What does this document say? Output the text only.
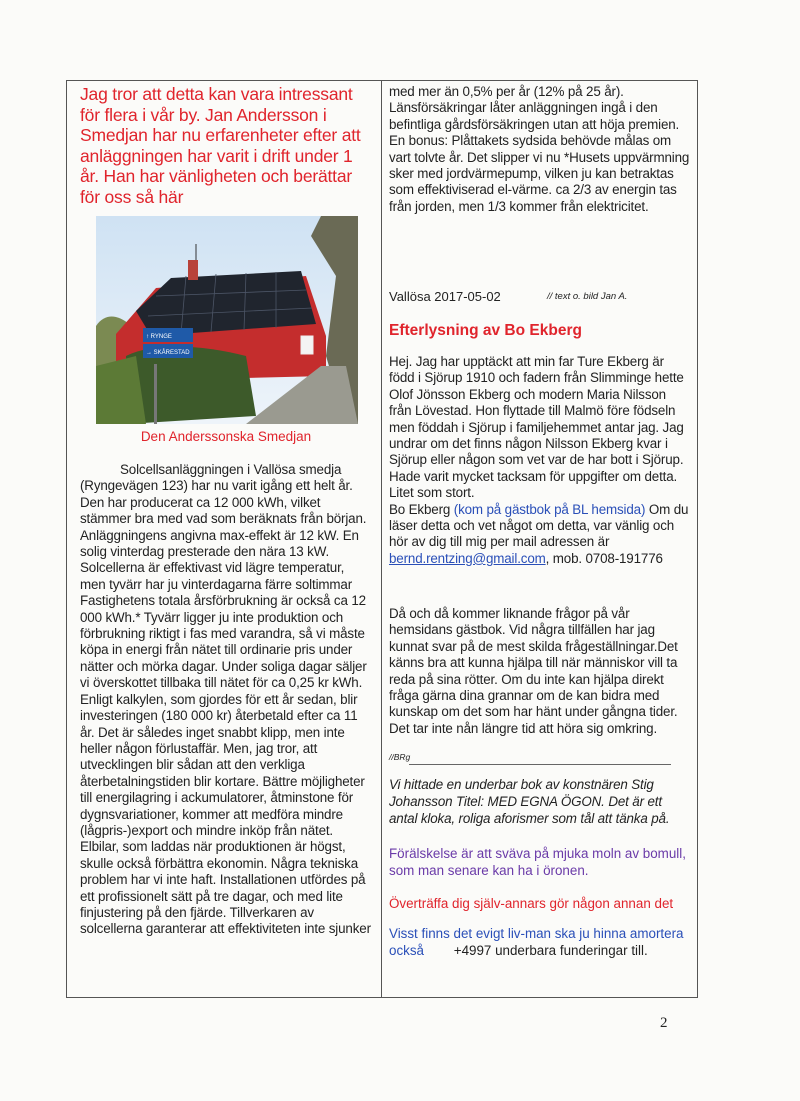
Jag tror att detta kan vara intressant för flera i vår by. Jan Andersson i Smedjan har nu erfarenheter efter att anläggningen har varit i drift under 1 år. Han har vänligheten och berättar för oss så här

↑ RYNGE
→ SKÅRESTAD
Den Anderssonska Smedjan

Solcellsanläggningen i Vallösa smedja (Ryngevägen 123) har nu varit igång ett helt år. Den har producerat ca 12 000 kWh, vilket stämmer bra med vad som beräknats från början. Anläggningens angivna max-effekt är 12 kW. En solig vinterdag presterade den nära 13 kW. Solcellerna är effektivast vid lägre temperatur, men tyvärr har ju vinterdagarna färre soltimmar Fastighetens totala årsförbrukning är också ca 12 000 kWh.* Tyvärr ligger ju inte produktion och förbrukning riktigt i fas med varandra, så vi måste köpa in energi från nätet till ordinarie pris under nätter och mörka dagar. Under soliga dagar säljer vi överskottet tillbaka till nätet för ca 0,25 kr kWh. Enligt kalkylen, som gjordes för ett år sedan, blir investeringen (180 000 kr) återbetald efter ca 11 år. Det är således inget snabbt klipp, men inte heller någon förlustaffär. Men, jag tror, att utvecklingen blir sådan att den verkliga återbetalningstiden blir kortare. Bättre möjligheter till energilagring i ackumulatorer, åtminstone för dygnsvariationer, kommer att medföra mindre (lågpris-)export och mindre inköp från nätet. Elbilar, som laddas när produktionen är högst, skulle också förbättra ekonomin. Några tekniska problem har vi inte haft. Installationen utfördes på ett profissionelt sätt på tre dagar, och med lite finjustering på den fjärde. Tillverkaren av solcellerna garanterar att effektiviteten inte sjunker

med mer än 0,5% per år (12% på 25 år). Länsförsäkringar låter anläggningen ingå i den befintliga gårdsförsäkringen utan att höja premien. En bonus: Plåttakets sydsida behövde målas om vart tolvte år. Det slipper vi nu *Husets uppvärmning sker med jordvärmepump, vilken ju kan betraktas som effektiviserad el-värme. ca 2/3 av energin tas från jorden, men 1/3 kommer från elektricitet.

Vallösa 2017-05-02	// text o. bild Jan A.
Efterlysning av Bo Ekberg

Hej. Jag har upptäckt att min far Ture Ekberg är född i Sjörup 1910 och fadern från Slimminge hette Olof Jönsson Ekberg och modern Maria Nilsson från Lövestad. Hon flyttade till Malmö före födseln men föddah i Sjörup i familjehemmet antar jag. Jag undrar om det finns någon Nilsson Ekberg kvar i Sjörup eller någon som vet var de har bott i Sjörup. Hade varit mycket tacksam för uppgifter om detta. Litet som stort.
Bo Ekberg (kom på gästbok på BL hemsida) Om du läser detta och vet något om detta, var vänlig och hör av dig till mig per mail adressen är bernd.rentzing@gmail.com, mob. 0708-191776

Då och då kommer liknande frågor på vår hemsidans gästbok. Vid några tillfällen har jag kunnat svar på de mest skilda frågeställningar.Det känns bra att kunna hjälpa till när människor vill ta reda på sina rötter. Om du inte kan hjälpa direkt fråga gärna dina grannar om de kan bidra med kunskap om det som har hänt under gångna tider. Det tar inte nån längre tid att höra sig omkring.

//BRg

Vi hittade en underbar bok av konstnären Stig Johansson Titel: MED EGNA ÖGON. Det är ett antal kloka, roliga aforismer som tål att tänka på.

Förälskelse är att sväva på mjuka moln av bomull, som man senare kan ha i öronen.

Överträffa dig själv-annars gör någon annan det

Visst finns det evigt liv-man ska ju hinna amortera också +4997 underbara funderingar till.

2
